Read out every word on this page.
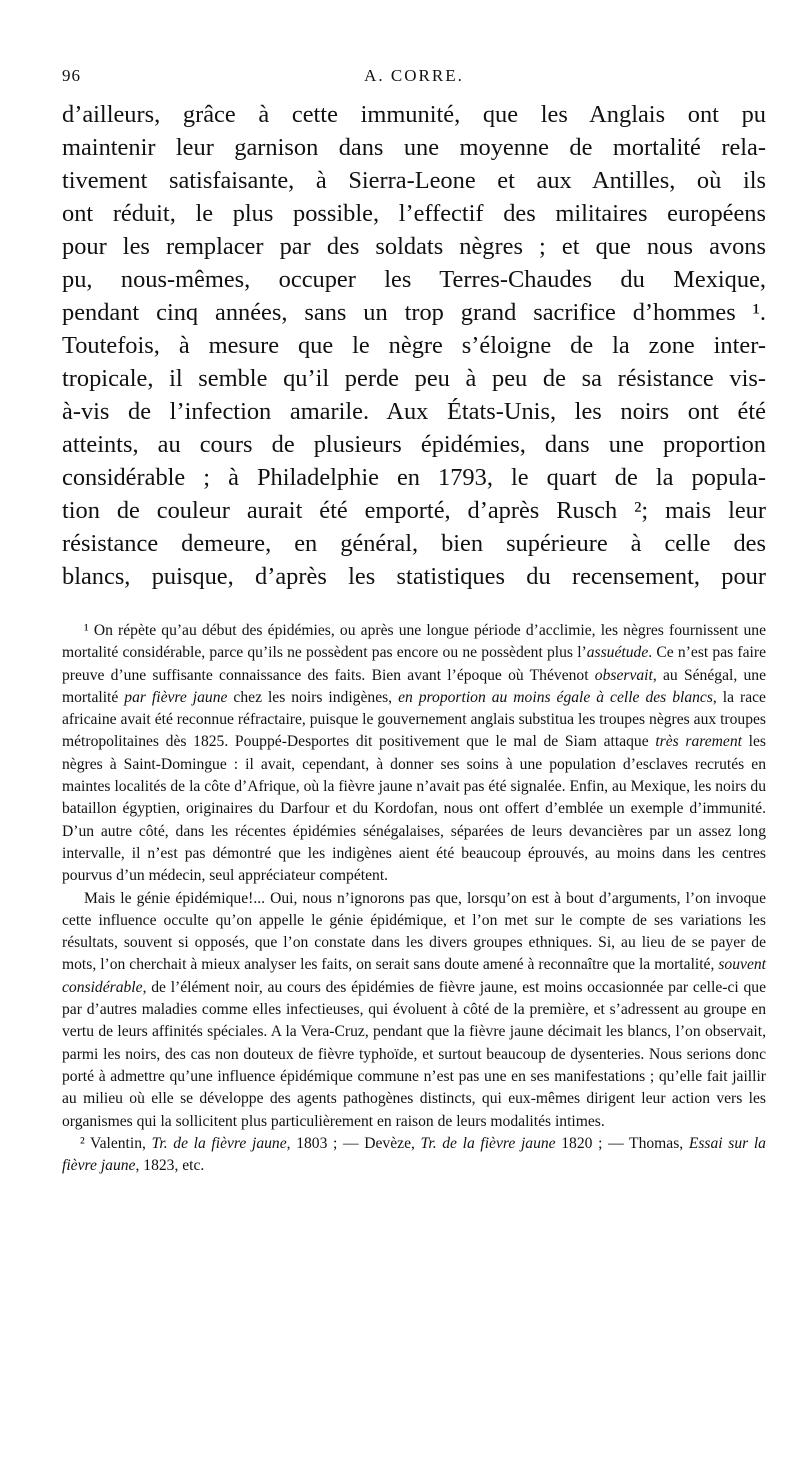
96	A. CORRE.
d’ailleurs, grâce à cette immunité, que les Anglais ont pu
maintenir leur garnison dans une moyenne de mortalité rela-
tivement satisfaisante, à Sierra-Leone et aux Antilles, où ils
ont réduit, le plus possible, l’effectif des militaires européens
pour les remplacer par des soldats nègres ; et que nous avons
pu, nous-mêmes, occuper les Terres-Chaudes du Mexique,
pendant cinq années, sans un trop grand sacrifice d’hommes ¹.
Toutefois, à mesure que le nègre s’éloigne de la zone inter-
tropicale, il semble qu’il perde peu à peu de sa résistance vis-
à-vis de l’infection amarile. Aux États-Unis, les noirs ont été
atteints, au cours de plusieurs épidémies, dans une proportion
considérable ; à Philadelphie en 1793, le quart de la popula-
tion de couleur aurait été emporté, d’après Rusch ²; mais leur
résistance demeure, en général, bien supérieure à celle des
blancs, puisque, d’après les statistiques du recensement, pour

¹ On répète qu’au début des épidémies, ou après une longue période d’acclimie, les nègres fournissent une mortalité considérable, parce qu’ils ne possèdent pas encore ou ne possèdent plus l’assuétude. Ce n’est pas faire preuve d’une suffisante connaissance des faits. Bien avant l’époque où Thévenot observait, au Sénégal, une mortalité par fièvre jaune chez les noirs indigènes, en proportion au moins égale à celle des blancs, la race africaine avait été reconnue réfractaire, puisque le gouvernement anglais substitua les troupes nègres aux troupes métropolitaines dès 1825. Pouppé-Desportes dit positivement que le mal de Siam attaque très rarement les nègres à Saint-Domingue : il avait, cependant, à donner ses soins à une population d’esclaves recrutés en maintes localités de la côte d’Afrique, où la fièvre jaune n’avait pas été signalée. Enfin, au Mexique, les noirs du bataillon égyptien, originaires du Darfour et du Kordofan, nous ont offert d’emblée un exemple d’immunité. D’un autre côté, dans les récentes épidémies sénégalaises, séparées de leurs devancières par un assez long intervalle, il n’est pas démontré que les indigènes aient été beaucoup éprouvés, au moins dans les centres pourvus d’un médecin, seul appréciateur compétent.

Mais le génie épidémique!... Oui, nous n’ignorons pas que, lorsqu’on est à bout d’arguments, l’on invoque cette influence occulte qu’on appelle le génie épidémique, et l’on met sur le compte de ses variations les résultats, souvent si opposés, que l’on constate dans les divers groupes ethniques. Si, au lieu de se payer de mots, l’on cherchait à mieux analyser les faits, on serait sans doute amené à reconnaître que la mortalité, souvent considérable, de l’élément noir, au cours des épidémies de fièvre jaune, est moins occasionnée par celle-ci que par d’autres maladies comme elles infectieuses, qui évoluent à côté de la première, et s’adressent au groupe en vertu de leurs affinités spéciales. A la Vera-Cruz, pendant que la fièvre jaune décimait les blancs, l’on observait, parmi les noirs, des cas non douteux de fièvre typhoïde, et surtout beaucoup de dysenteries. Nous serions donc porté à admettre qu’une influence épidémique commune n’est pas une en ses manifestations ; qu’elle fait jaillir au milieu où elle se développe des agents pathogènes distincts, qui eux-mêmes dirigent leur action vers les organismes qui la sollicitent plus particulièrement en raison de leurs modalités intimes.

² Valentin, Tr. de la fièvre jaune, 1803 ; — Devèze, Tr. de la fièvre jaune 1820 ; — Thomas, Essai sur la fièvre jaune, 1823, etc.
